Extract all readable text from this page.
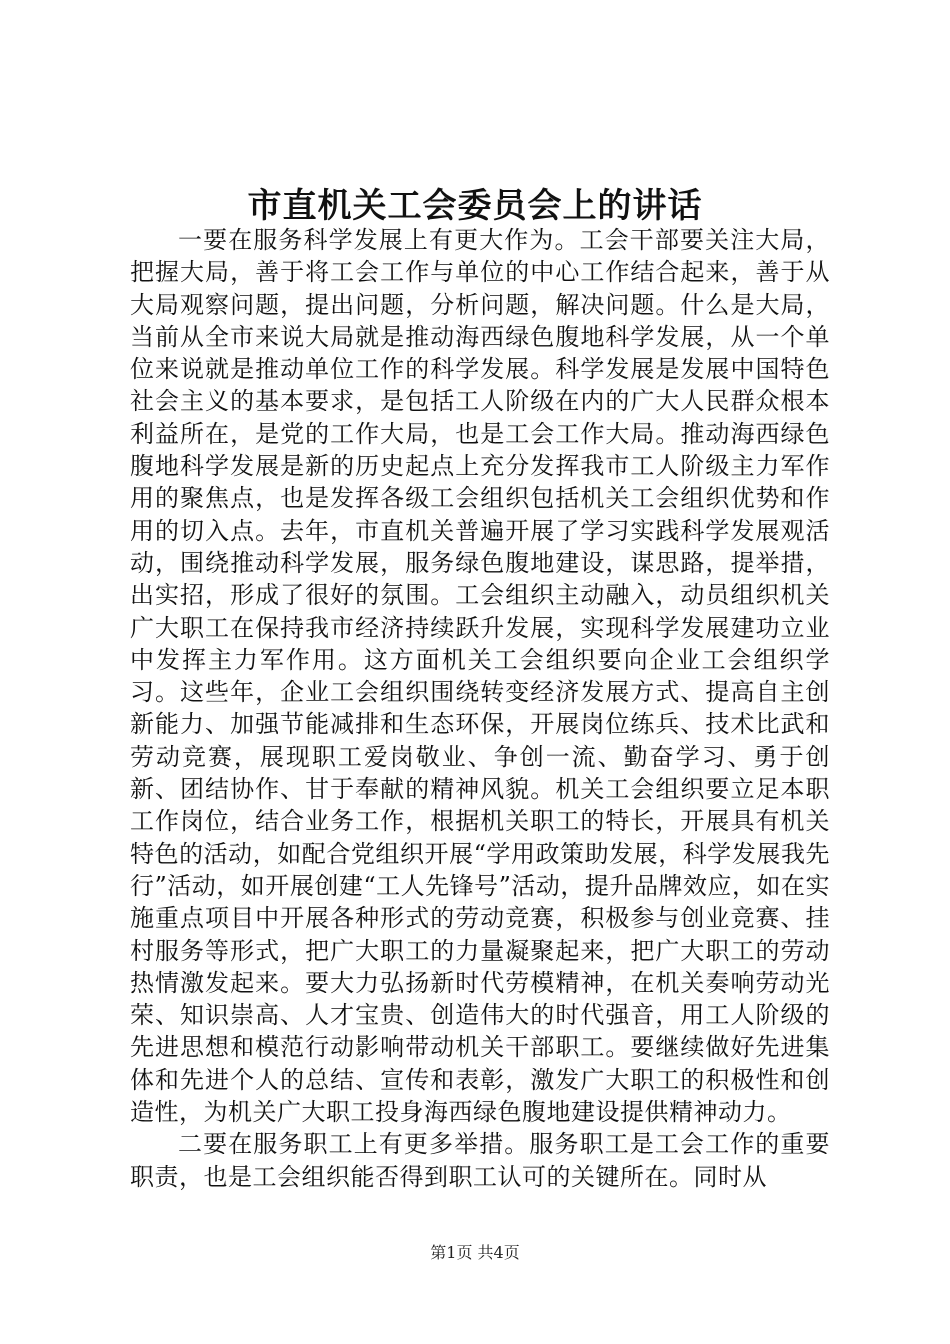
市直机关工会委员会上的讲话

一要在服务科学发展上有更大作为。工会干部要关注大局，把握大局，善于将工会工作与单位的中心工作结合起来，善于从大局观察问题，提出问题，分析问题，解决问题。什么是大局，当前从全市来说大局就是推动海西绿色腹地科学发展，从一个单位来说就是推动单位工作的科学发展。科学发展是发展中国特色社会主义的基本要求，是包括工人阶级在内的广大人民群众根本利益所在，是党的工作大局，也是工会工作大局。推动海西绿色腹地科学发展是新的历史起点上充分发挥我市工人阶级主力军作用的聚焦点，也是发挥各级工会组织包括机关工会组织优势和作用的切入点。去年，市直机关普遍开展了学习实践科学发展观活动，围绕推动科学发展，服务绿色腹地建设，谋思路，提举措，出实招，形成了很好的氛围。工会组织主动融入，动员组织机关广大职工在保持我市经济持续跃升发展，实现科学发展建功立业中发挥主力军作用。这方面机关工会组织要向企业工会组织学习。这些年，企业工会组织围绕转变经济发展方式、提高自主创新能力、加强节能减排和生态环保，开展岗位练兵、技术比武和劳动竞赛，展现职工爱岗敬业、争创一流、勤奋学习、勇于创新、团结协作、甘于奉献的精神风貌。机关工会组织要立足本职工作岗位，结合业务工作，根据机关职工的特长，开展具有机关特色的活动，如配合党组织开展“学用政策助发展，科学发展我先行”活动，如开展创建“工人先锋号”活动，提升品牌效应，如在实施重点项目中开展各种形式的劳动竞赛，积极参与创业竞赛、挂村服务等形式，把广大职工的力量凝聚起来，把广大职工的劳动热情激发起来。要大力弘扬新时代劳模精神，在机关奏响劳动光荣、知识崇高、人才宝贵、创造伟大的时代强音，用工人阶级的先进思想和模范行动影响带动机关干部职工。要继续做好先进集体和先进个人的总结、宣传和表彰，激发广大职工的积极性和创造性，为机关广大职工投身海西绿色腹地建设提供精神动力。

二要在服务职工上有更多举措。服务职工是工会工作的重要职责，也是工会组织能否得到职工认可的关键所在。同时从

第1页 共4页
